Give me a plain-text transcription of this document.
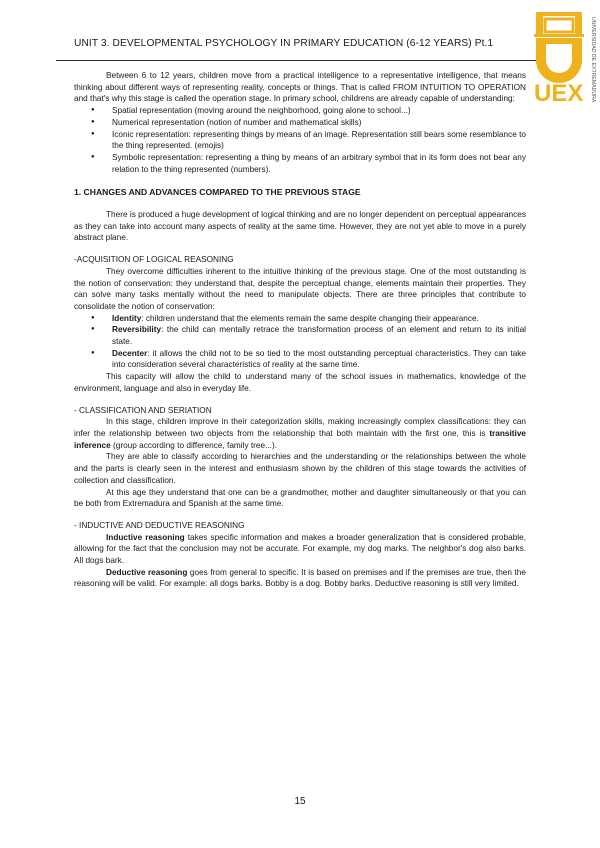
UNIT 3. DEVELOPMENTAL PSYCHOLOGY IN PRIMARY EDUCATION (6-12 YEARS) Pt.1
UEX UNIVERSIDAD DE EXTREMADURA

Between 6 to 12 years, children move from a practical intelligence to a representative intelligence, that means thinking about different ways of representing reality, concepts or things. That is called FROM INTUITION TO OPERATION and that's why this stage is called the operation stage. In primary school, childrens are already capable of understanding:

● Spatial representation (moving around the neighborhood, going alone to school...)
● Numerical representation (notion of number and mathematical skills)
● Iconic representation: representing things by means of an image. Representation still bears some resemblance to the thing represented. (emojis)
● Symbolic representation: representing a thing by means of an arbitrary symbol that in its form does not bear any relation to the thing represented (numbers).

1. CHANGES AND ADVANCES COMPARED TO THE PREVIOUS STAGE

There is produced a huge development of logical thinking and are no longer dependent on perceptual appearances as they can take into account many aspects of reality at the same time. However, they are not yet able to move in a purely abstract plane.

-ACQUISITION OF LOGICAL REASONING

They overcome difficulties inherent to the intuitive thinking of the previous stage. One of the most outstanding is the notion of conservation: they understand that, despite the perceptual change, elements maintain their properties. They can solve many tasks mentally without the need to manipulate objects. There are three principles that contribute to consolidate the notion of conservation:

● Identity: children understand that the elements remain the same despite changing their appearance.
● Reversibility: the child can mentally retrace the transformation process of an element and return to its initial state.
● Decenter: it allows the child not to be so tied to the most outstanding perceptual characteristics. They can take into consideration several characteristics of reality at the same time.

This capacity will allow the child to understand many of the school issues in mathematics, knowledge of the environment, language and also in everyday life.

- CLASSIFICATION AND SERIATION

In this stage, children improve in their categorization skills, making increasingly complex classifications: they can infer the relationship between two objects from the relationship that both maintain with the first one, this is transitive inference (group according to difference, family tree...).

They are able to classify according to hierarchies and the understanding or the relationships between the whole and the parts is clearly seen in the interest and enthusiasm shown by the children of this stage towards the activities of collection and classification.

At this age they understand that one can be a grandmother, mother and daughter simultaneously or that you can be both from Extremadura and Spanish at the same time.

- INDUCTIVE AND DEDUCTIVE REASONING

Inductive reasoning takes specific information and makes a broader generalization that is considered probable, allowing for the fact that the conclusion may not be accurate. For example, my dog marks. The neighbor's dog also barks. All dogs bark.

Deductive reasoning goes from general to specific. It is based on premises and if the premises are true, then the reasoning will be valid. For example: all dogs barks. Bobby is a dog. Bobby barks. Deductive reasoning is still very limited.

15
